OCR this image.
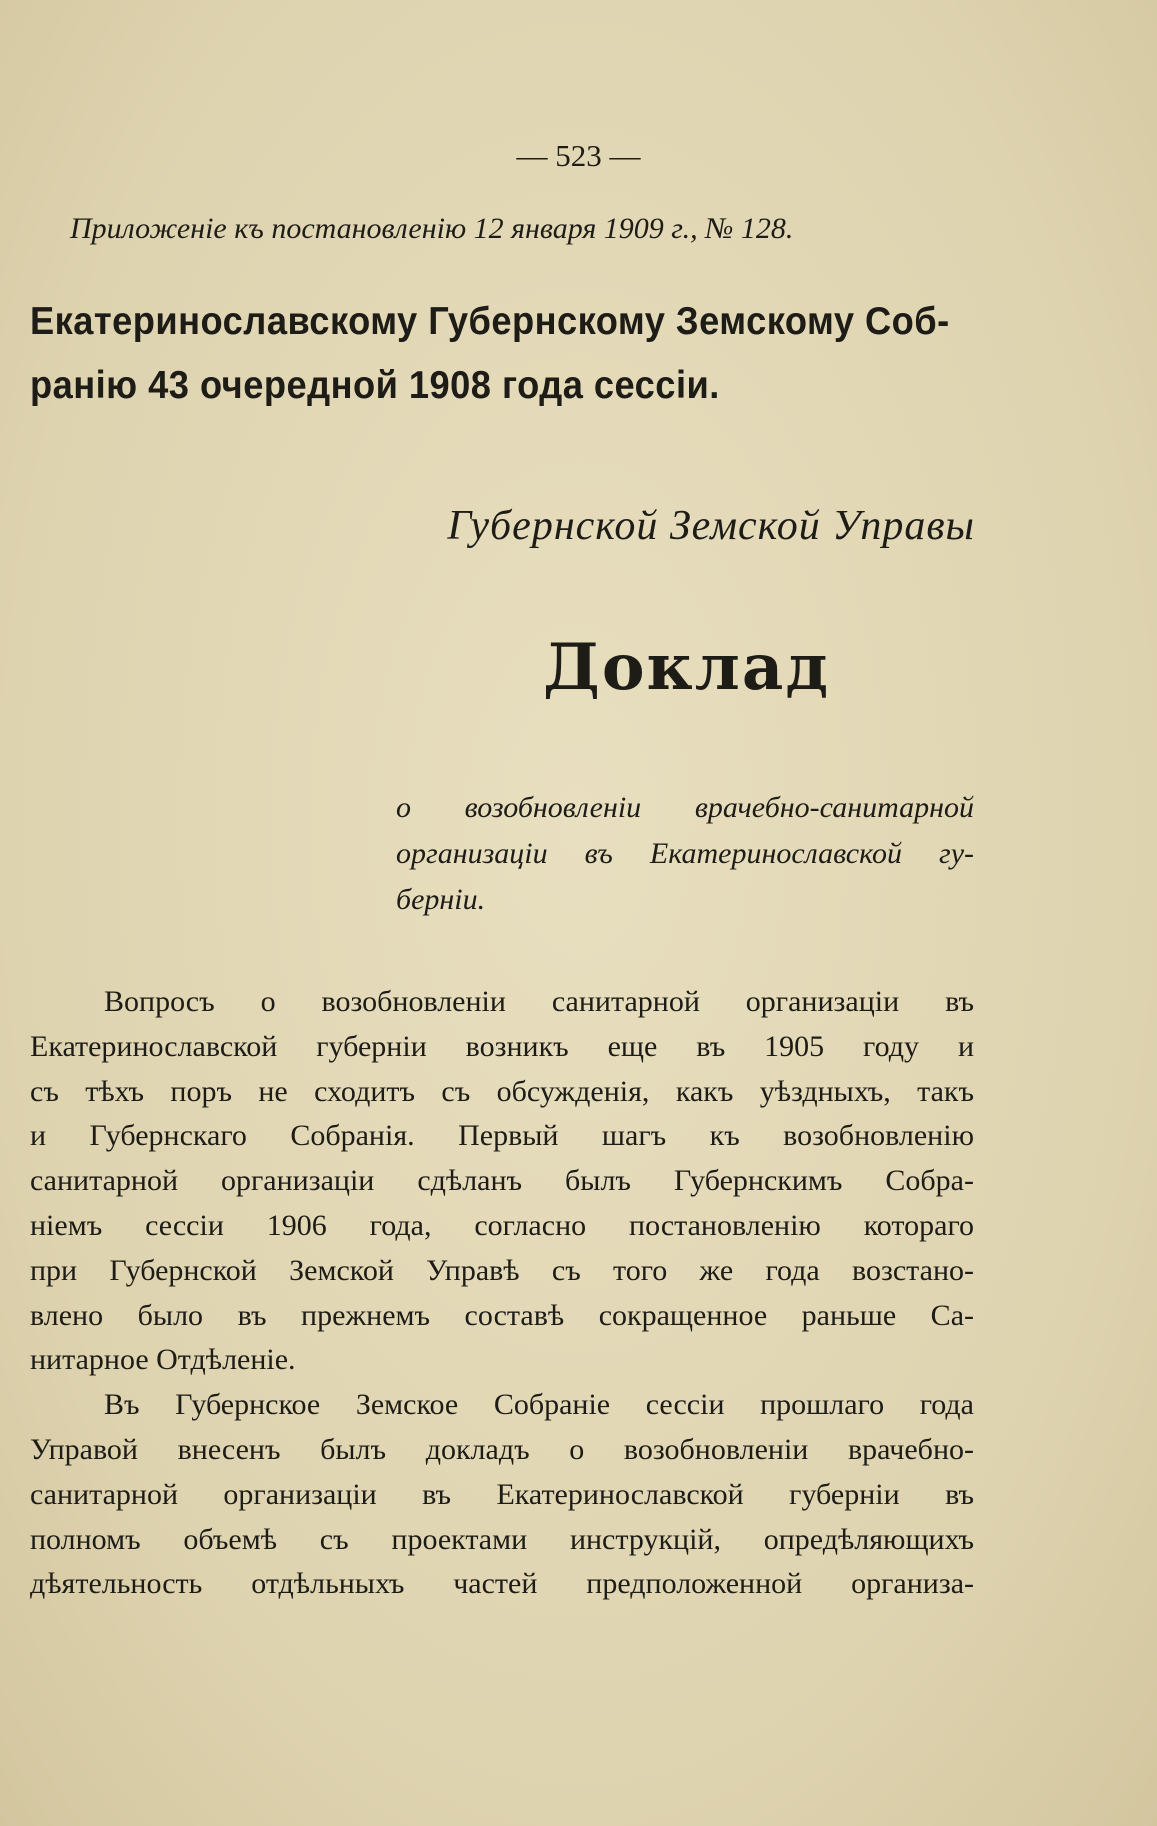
— 523 —
Приложенiе къ постановленiю 12 января 1909 г., № 128.
Екатеринославскому Губернскому Земскому Соб-
ранiю 43 очередной 1908 года сессiи.
Губернской Земской Управы
Доклад
о возобновленiи врачебно-санитарной
организацiи въ Екатеринославской гу-
бернiи.
Вопросъ о возобновленiи санитарной организацiи въ
Екатеринославской губернiи возникъ еще въ 1905 году и
съ тѣхъ поръ не сходитъ съ обсужденiя, какъ уѣздныхъ, такъ
и Губернскаго Собранiя. Первый шагъ къ возобновленiю
санитарной организацiи сдѣланъ былъ Губернскимъ Собра-
нiемъ сессiи 1906 года, согласно постановленiю котораго
при Губернской Земской Управѣ съ того же года возстано-
влено было въ прежнемъ составѣ сокращенное раньше Са-
нитарное Отдѣленiе.
Въ Губернское Земское Собранiе сессiи прошлаго года
Управой внесенъ былъ докладъ о возобновленiи врачебно-
санитарной организацiи въ Екатеринославской губернiи въ
полномъ объемѣ съ проектами инструкцiй, опредѣляющихъ
дѣятельность отдѣльныхъ частей предположенной организа-
